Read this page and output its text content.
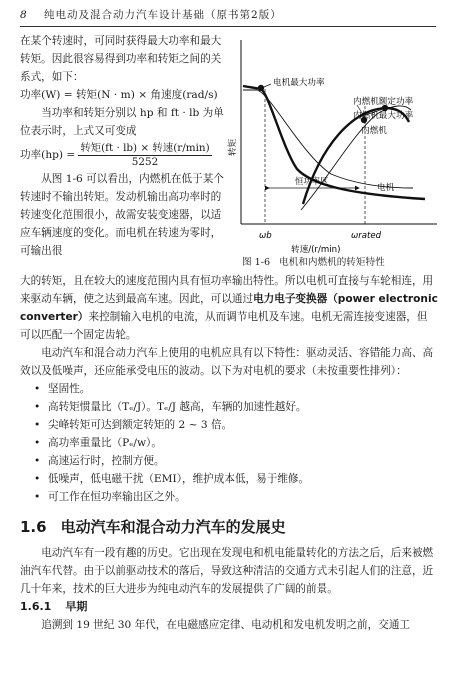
8 纯电动及混合动力汽车设计基础（原书第2版）

在某个转速时，可同时获得最大功率和最大转矩。因此很容易得到功率和转矩之间的关系式，如下：

功率(W) = 转矩(N · m) × 角速度(rad/s)

当功率和转矩分别以 hp 和 ft · lb 为单位表示时，上式又可变成

功率$(hp) = \frac{\text{转矩(ft · lb) × 转速(r/min)}}{5252}$

从图 1-6 可以看出，内燃机在低于某个转速时不输出转矩。发动机输出高功率时的转速变化范围很小，故需安装变速器，以适应车辆速度的变化。而电机在转速为零时，可输出很

电机最大功率
内燃机额定功率
内燃机最大功率
内燃机
电机
恒功率区
转矩
ωb	ωrated
转速/(r/min)
图 1-6 电机和内燃机的转矩特性

大的转矩，且在较大的速度范围内具有恒功率输出特性。所以电机可直接与车轮相连，用来驱动车辆，使之达到最高车速。因此，可以通过电力电子变换器（power electronic converter）来控制输入电机的电流，从而调节电机及车速。电机无需连接变速器，但可以匹配一个固定齿轮。

电动汽车和混合动力汽车上使用的电机应具有以下特性：驱动灵活、容错能力高、高效以及低噪声，还应能承受电压的波动。以下为对电机的要求（未按重要性排列）：

• 坚固性。
• 高转矩惯量比（Tₑ/J）。Tₑ/J 越高，车辆的加速性越好。
• 尖峰转矩可达到额定转矩的 2 ~ 3 倍。
• 高功率重量比（Pₑ/w）。
• 高速运行时，控制方便。
• 低噪声，低电磁干扰（EMI），维护成本低，易于维修。
• 可工作在恒功率输出区之外。
1.6 电动汽车和混合动力汽车的发展史

电动汽车有一段有趣的历史。它出现在发现电和机电能量转化的方法之后，后来被燃油汽车代替。由于以前驱动技术的落后，导致这种清洁的交通方式未引起人们的注意，近几十年来，技术的巨大进步为纯电动汽车的发展提供了广阔的前景。

1.6.1 早期

追溯到 19 世纪 30 年代，在电磁感应定律、电动机和发电机发明之前，交通工
